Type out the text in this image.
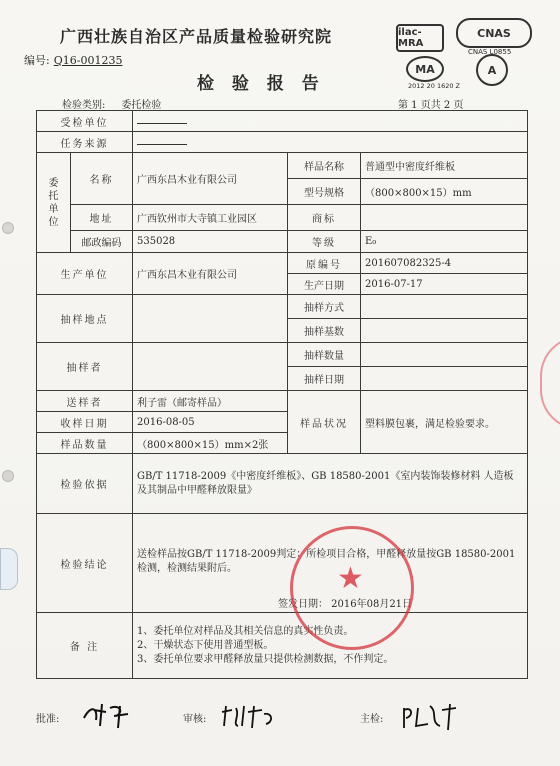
广西壮族自治区产品质量检验研究院
编号: Q16-001235
检 验 报 告
ilac-MRA
CNAS
CNAS L0855
MA	A
2012 20 1620 Z
检验类别: 委托检验	第 1 页共 2 页
受检单位				
任务来源				
委托单位	名称	广西东昌木业有限公司	样品名称	普通型中密度纤维板
			型号规格	（800×800×15）mm
	地址	广西钦州市大寺镇工业园区	商标	

	邮政编码	535028	等级	E₀
生产单位		广西东昌木业有限公司	原编号	201607082325-4
			生产日期	2016-07-17
抽样地点			抽样方式	
			抽样基数	
抽样者			抽样数量	
			抽样日期	
送样者		利子雷（邮寄样品）	样品状况	塑料膜包裹，满足检验要求。
收样日期		2016-08-05		
样品数量		（800×800×15）mm×2张		
检验依据		GB/T 11718-2009《中密度纤维板》、GB 18580-2001《室内装饰装修材料 人造板及其制品中甲醛释放限量》		
检验结论		送检样品按GB/T 11718-2009判定：所检项目合格，甲醛释放量按GB 18580-2001检测，检测结果附后。
签发日期： 2016年08月21日		

备 注		1、委托单位对样品及其相关信息的真实性负责。
2、干燥状态下使用普通型板。
3、委托单位要求甲醛释放量只提供检测数据，不作判定。		
★
批准:	审核:	主检:
